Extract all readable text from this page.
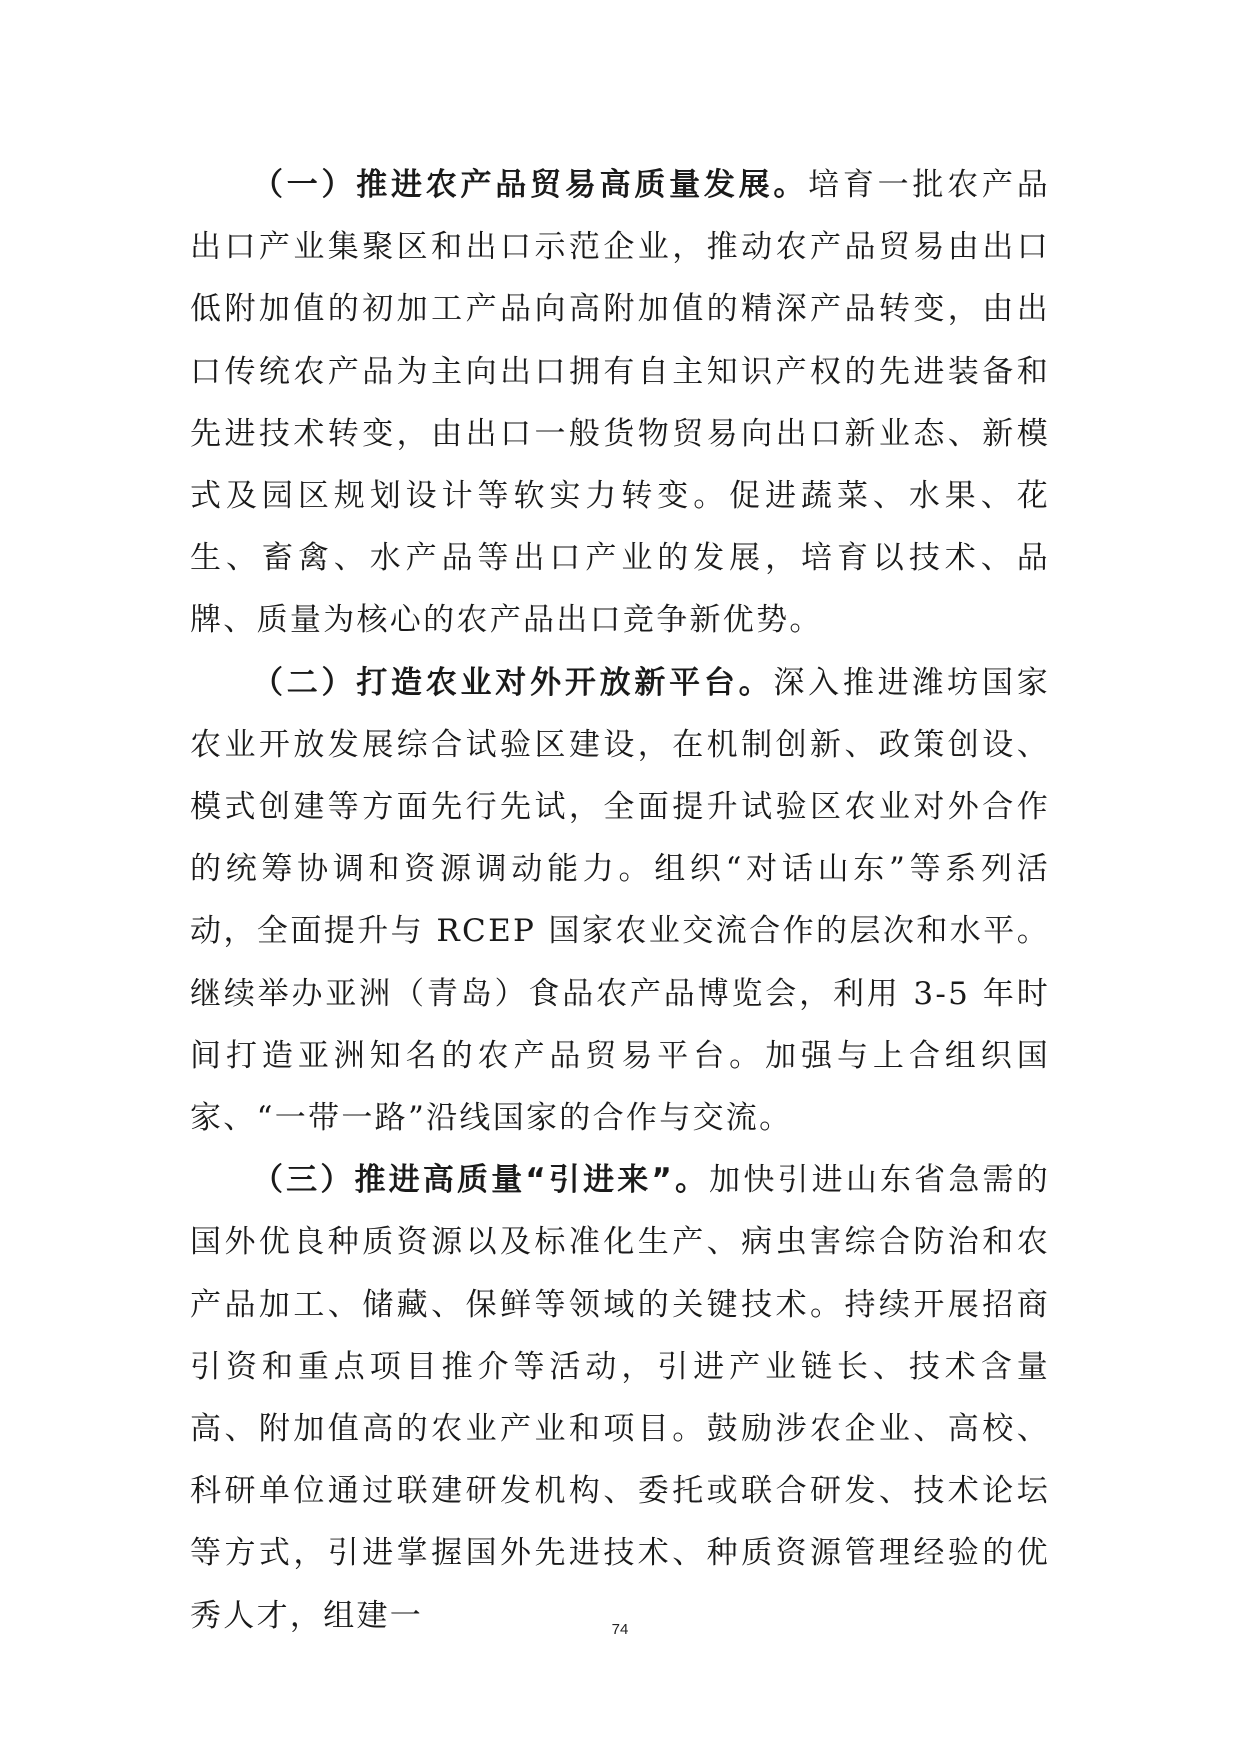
（一）推进农产品贸易高质量发展。培育一批农产品出口产业集聚区和出口示范企业，推动农产品贸易由出口低附加值的初加工产品向高附加值的精深产品转变，由出口传统农产品为主向出口拥有自主知识产权的先进装备和先进技术转变，由出口一般货物贸易向出口新业态、新模式及园区规划设计等软实力转变。促进蔬菜、水果、花生、畜禽、水产品等出口产业的发展，培育以技术、品牌、质量为核心的农产品出口竞争新优势。

（二）打造农业对外开放新平台。深入推进潍坊国家农业开放发展综合试验区建设，在机制创新、政策创设、模式创建等方面先行先试，全面提升试验区农业对外合作的统筹协调和资源调动能力。组织“对话山东”等系列活动，全面提升与 RCEP 国家农业交流合作的层次和水平。继续举办亚洲（青岛）食品农产品博览会，利用 3-5 年时间打造亚洲知名的农产品贸易平台。加强与上合组织国家、“一带一路”沿线国家的合作与交流。

（三）推进高质量“引进来”。加快引进山东省急需的国外优良种质资源以及标准化生产、病虫害综合防治和农产品加工、储藏、保鲜等领域的关键技术。持续开展招商引资和重点项目推介等活动，引进产业链长、技术含量高、附加值高的农业产业和项目。鼓励涉农企业、高校、科研单位通过联建研发机构、委托或联合研发、技术论坛等方式，引进掌握国外先进技术、种质资源管理经验的优秀人才，组建一	74
